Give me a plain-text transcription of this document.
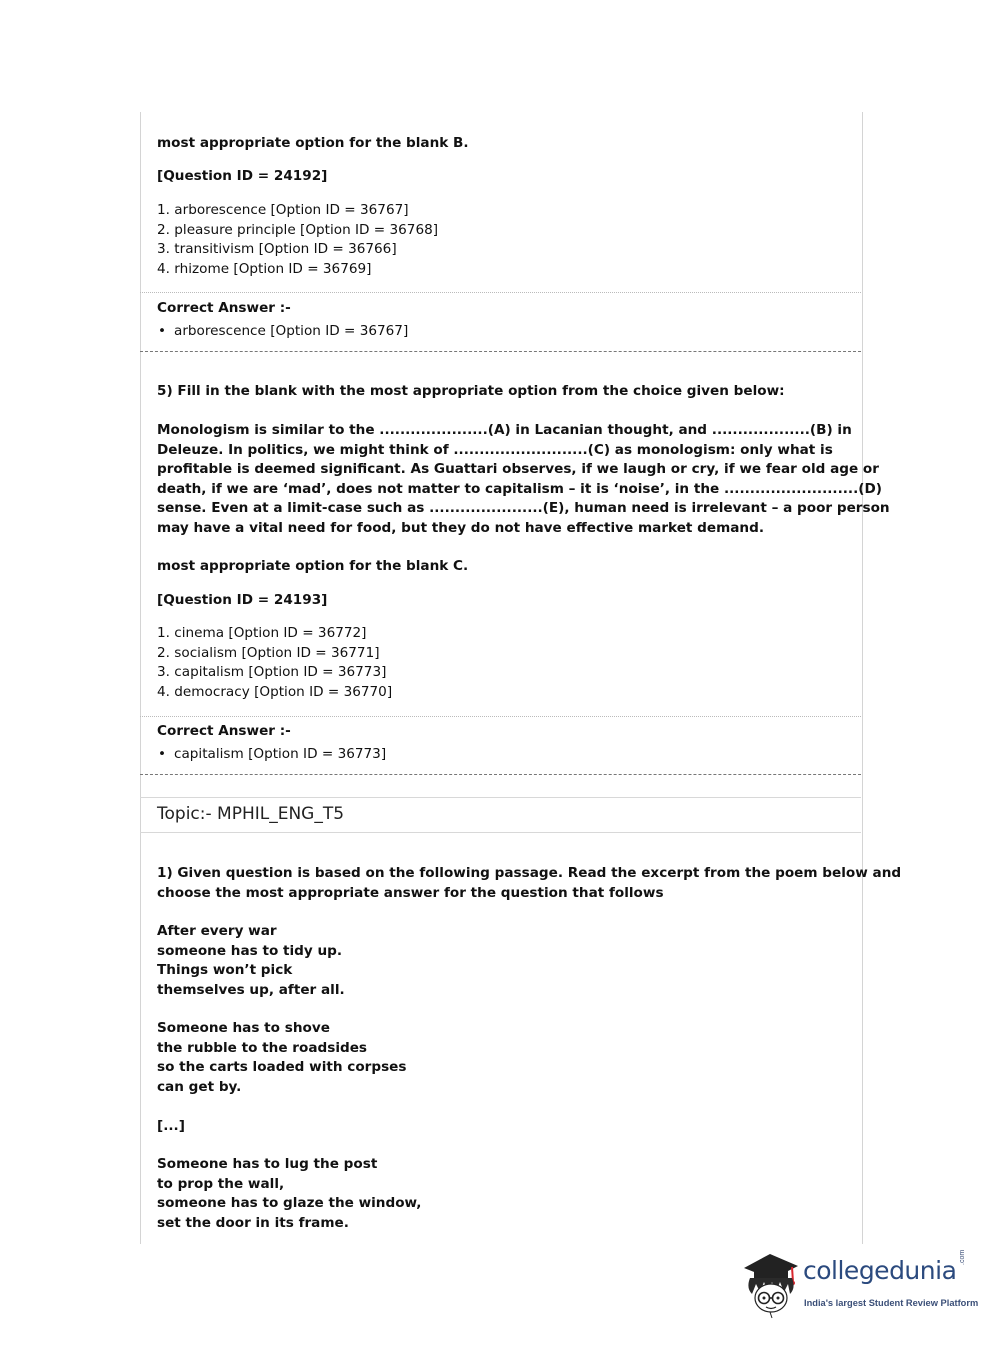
most appropriate option for the blank B.
[Question ID = 24192]
1. arborescence [Option ID = 36767]
2. pleasure principle [Option ID = 36768]
3. transitivism [Option ID = 36766]
4. rhizome [Option ID = 36769]
Correct Answer :-
• arborescence [Option ID = 36767]
5) Fill in the blank with the most appropriate option from the choice given below:
Monologism is similar to the .....................(A) in Lacanian thought, and ...................(B) in
Deleuze. In politics, we might think of ..........................(C) as monologism: only what is
profitable is deemed significant. As Guattari observes, if we laugh or cry, if we fear old age or
death, if we are ‘mad’, does not matter to capitalism – it is ‘noise’, in the ..........................(D)
sense. Even at a limit-case such as ......................(E), human need is irrelevant – a poor person
may have a vital need for food, but they do not have effective market demand.
most appropriate option for the blank C.
[Question ID = 24193]
1. cinema [Option ID = 36772]
2. socialism [Option ID = 36771]
3. capitalism [Option ID = 36773]
4. democracy [Option ID = 36770]
Correct Answer :-
• capitalism [Option ID = 36773]
Topic:- MPHIL_ENG_T5
1) Given question is based on the following passage. Read the excerpt from the poem below and
choose the most appropriate answer for the question that follows
After every war
someone has to tidy up.
Things won’t pick
themselves up, after all.
Someone has to shove
the rubble to the roadsides
so the carts loaded with corpses
can get by.
[...]
Someone has to lug the post
to prop the wall,
someone has to glaze the window,
set the door in its frame.
collegedunia .com
India's largest Student Review Platform
